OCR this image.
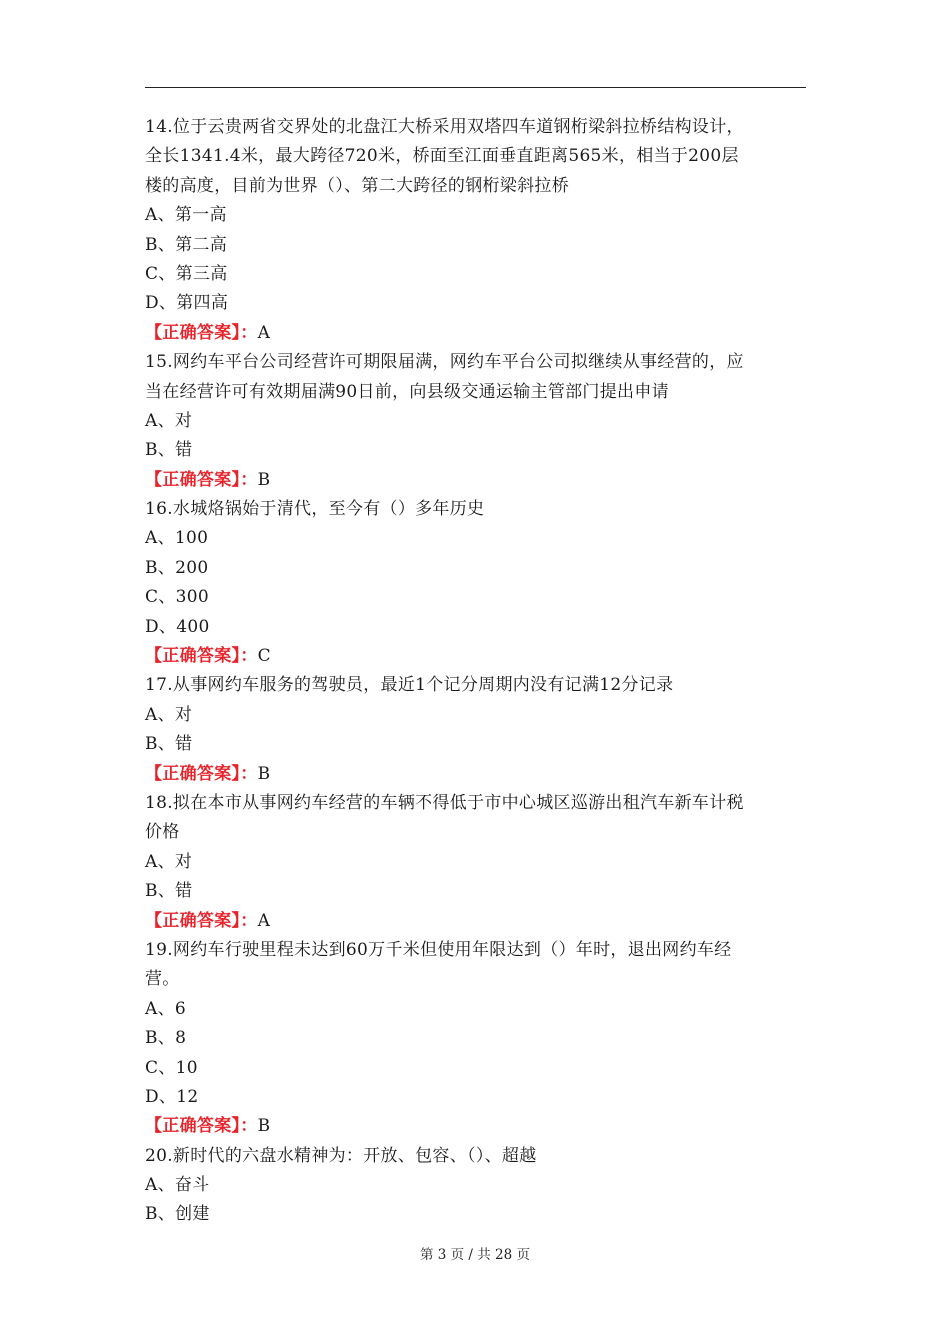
14.位于云贵两省交界处的北盘江大桥采用双塔四车道钢桁梁斜拉桥结构设计，
全长1341.4米，最大跨径720米，桥面至江面垂直距离565米，相当于200层
楼的高度，目前为世界（）、第二大跨径的钢桁梁斜拉桥
A、第一高
B、第二高
C、第三高
D、第四高
【正确答案】：A
15.网约车平台公司经营许可期限届满，网约车平台公司拟继续从事经营的，应
当在经营许可有效期届满90日前，向县级交通运输主管部门提出申请
A、对
B、错
【正确答案】：B
16.水城烙锅始于清代，至今有（）多年历史
A、100
B、200
C、300
D、400
【正确答案】：C
17.从事网约车服务的驾驶员，最近1个记分周期内没有记满12分记录
A、对
B、错
【正确答案】：B
18.拟在本市从事网约车经营的车辆不得低于市中心城区巡游出租汽车新车计税
价格
A、对
B、错
【正确答案】：A
19.网约车行驶里程未达到60万千米但使用年限达到（）年时，退出网约车经
营。
A、6
B、8
C、10
D、12
【正确答案】：B
20.新时代的六盘水精神为：开放、包容、（）、超越
A、奋斗
B、创建
第 3 页 / 共 28 页
